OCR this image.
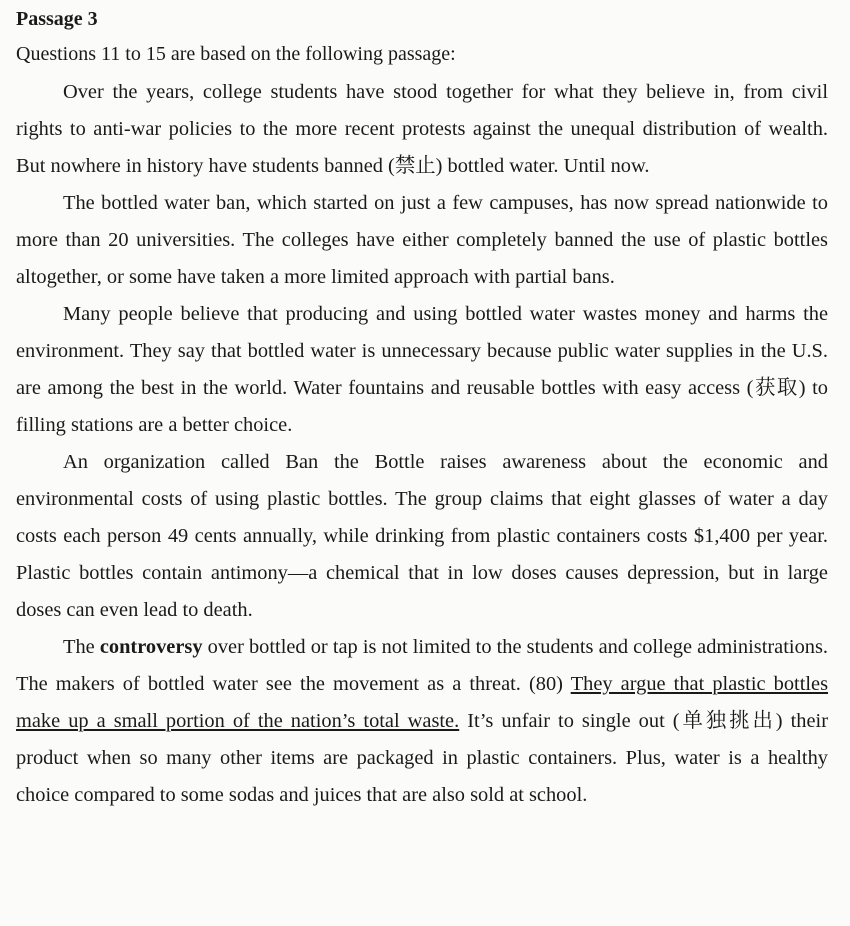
Passage 3
Questions 11 to 15 are based on the following passage:

Over the years, college students have stood together for what they believe in, from civil rights to anti-war policies to the more recent protests against the unequal distribution of wealth. But nowhere in history have students banned (禁止) bottled water. Until now.

The bottled water ban, which started on just a few campuses, has now spread nationwide to more than 20 universities. The colleges have either completely banned the use of plastic bottles altogether, or some have taken a more limited approach with partial bans.

Many people believe that producing and using bottled water wastes money and harms the environment. They say that bottled water is unnecessary because public water supplies in the U.S. are among the best in the world. Water fountains and reusable bottles with easy access (获取) to filling stations are a better choice.

An organization called Ban the Bottle raises awareness about the economic and environmental costs of using plastic bottles. The group claims that eight glasses of water a day costs each person 49 cents annually, while drinking from plastic containers costs $1,400 per year. Plastic bottles contain antimony—a chemical that in low doses causes depression, but in large doses can even lead to death.

The controversy over bottled or tap is not limited to the students and college administrations. The makers of bottled water see the movement as a threat. (80) They argue that plastic bottles make up a small portion of the nation’s total waste. It’s unfair to single out (单独挑出) their product when so many other items are packaged in plastic containers. Plus, water is a healthy choice compared to some sodas and juices that are also sold at school.
